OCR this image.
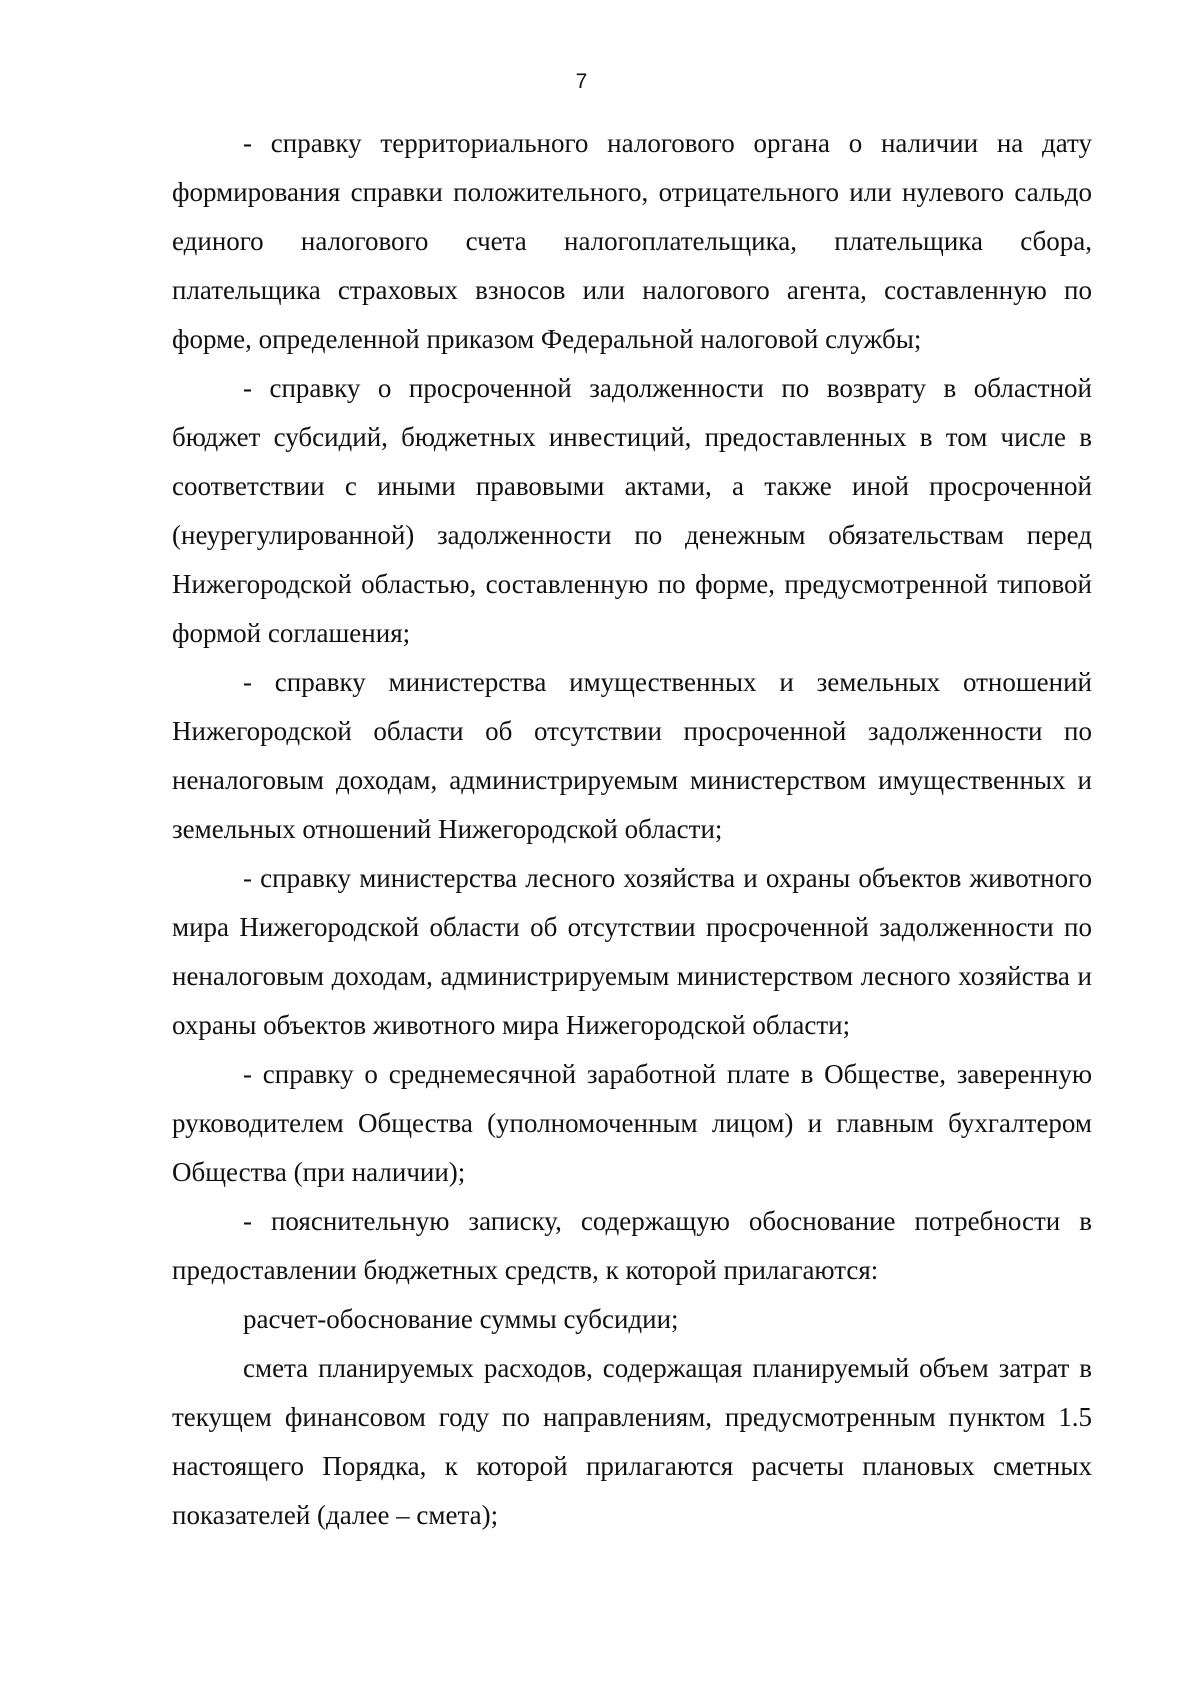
7

- справку территориального налогового органа о наличии на дату формирования справки положительного, отрицательного или нулевого сальдо единого налогового счета налогоплательщика, плательщика сбора, плательщика страховых взносов или налогового агента, составленную по форме, определенной приказом Федеральной налоговой службы;

- справку о просроченной задолженности по возврату в областной бюджет субсидий, бюджетных инвестиций, предоставленных в том числе в соответствии с иными правовыми актами, а также иной просроченной (неурегулированной) задолженности по денежным обязательствам перед Нижегородской областью, составленную по форме, предусмотренной типовой формой соглашения;

- справку министерства имущественных и земельных отношений Нижегородской области об отсутствии просроченной задолженности по неналоговым доходам, администрируемым министерством имущественных и земельных отношений Нижегородской области;

- справку министерства лесного хозяйства и охраны объектов животного мира Нижегородской области об отсутствии просроченной задолженности по неналоговым доходам, администрируемым министерством лесного хозяйства и охраны объектов животного мира Нижегородской области;

- справку о среднемесячной заработной плате в Обществе, заверенную руководителем Общества (уполномоченным лицом) и главным бухгалтером Общества (при наличии);

- пояснительную записку, содержащую обоснование потребности в предоставлении бюджетных средств, к которой прилагаются:

расчет-обоснование суммы субсидии;

смета планируемых расходов, содержащая планируемый объем затрат в текущем финансовом году по направлениям, предусмотренным пунктом 1.5 настоящего Порядка, к которой прилагаются расчеты плановых сметных показателей (далее – смета);
